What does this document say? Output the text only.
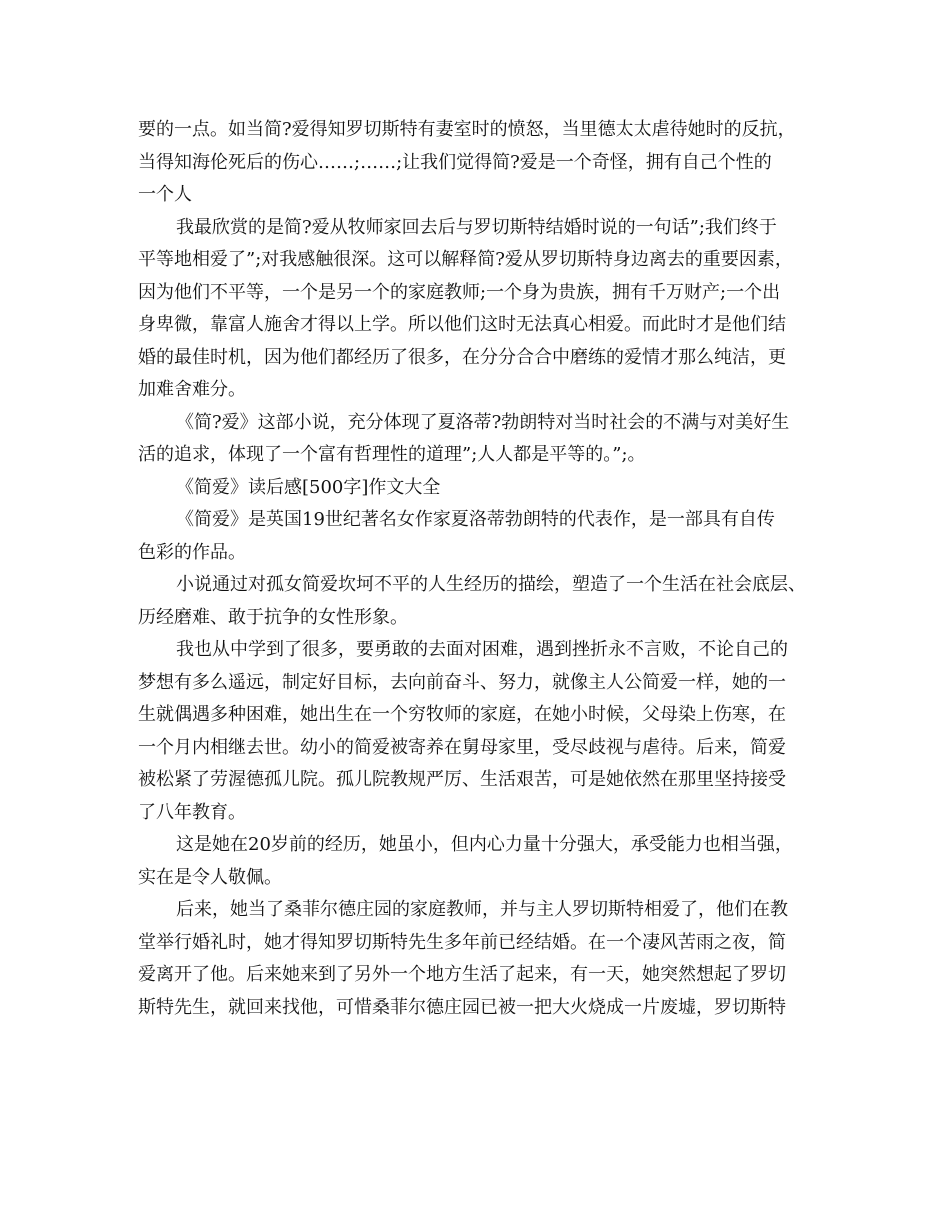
要的一点。如当简?爱得知罗切斯特有妻室时的愤怒，当里德太太虐待她时的反抗，
当得知海伦死后的伤心……;……;让我们觉得简?爱是一个奇怪，拥有自己个性的
一个人
我最欣赏的是简?爱从牧师家回去后与罗切斯特结婚时说的一句话”;我们终于
平等地相爱了”;对我感触很深。这可以解释简?爱从罗切斯特身边离去的重要因素，
因为他们不平等，一个是另一个的家庭教师;一个身为贵族，拥有千万财产;一个出
身卑微，靠富人施舍才得以上学。所以他们这时无法真心相爱。而此时才是他们结
婚的最佳时机，因为他们都经历了很多，在分分合合中磨练的爱情才那么纯洁，更
加难舍难分。
《简?爱》这部小说，充分体现了夏洛蒂?勃朗特对当时社会的不满与对美好生
活的追求，体现了一个富有哲理性的道理”;人人都是平等的。”;。
《简爱》读后感[500字]作文大全
《简爱》是英国19世纪著名女作家夏洛蒂勃朗特的代表作，是一部具有自传
色彩的作品。
小说通过对孤女简爱坎坷不平的人生经历的描绘，塑造了一个生活在社会底层、
历经磨难、敢于抗争的女性形象。
我也从中学到了很多，要勇敢的去面对困难，遇到挫折永不言败，不论自己的
梦想有多么遥远，制定好目标，去向前奋斗、努力，就像主人公简爱一样，她的一
生就偶遇多种困难，她出生在一个穷牧师的家庭，在她小时候，父母染上伤寒，在
一个月内相继去世。幼小的简爱被寄养在舅母家里，受尽歧视与虐待。后来，简爱
被松紧了劳渥德孤儿院。孤儿院教规严厉、生活艰苦，可是她依然在那里坚持接受
了八年教育。
这是她在20岁前的经历，她虽小，但内心力量十分强大，承受能力也相当强，
实在是令人敬佩。
后来，她当了桑菲尔德庄园的家庭教师，并与主人罗切斯特相爱了，他们在教
堂举行婚礼时，她才得知罗切斯特先生多年前已经结婚。在一个凄风苦雨之夜，简
爱离开了他。后来她来到了另外一个地方生活了起来，有一天，她突然想起了罗切
斯特先生，就回来找他，可惜桑菲尔德庄园已被一把大火烧成一片废墟，罗切斯特
